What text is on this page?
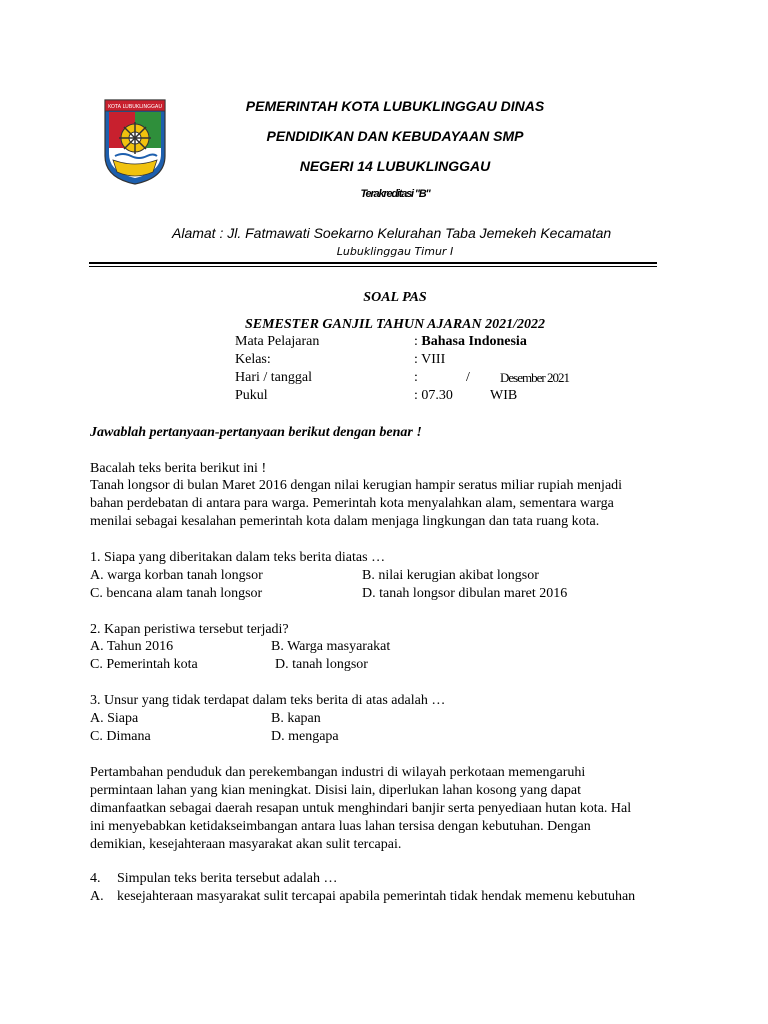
KOTA LUBUKLINGGAU	PEMERINTAH KOTA LUBUKLINGGAU DINAS
PENDIDIKAN DAN KEBUDAYAAN SMP
NEGERI 14 LUBUKLINGGAU
Terakreditasi "B"
Alamat : Jl. Fatmawati Soekarno Kelurahan Taba Jemekeh Kecamatan
Lubuklinggau Timur I
SOAL PAS
SEMESTER GANJIL TAHUN AJARAN 2021/2022
Mata Pelajaran	: Bahasa Indonesia
Kelas:	: VIII
Hari / tanggal	:	/ Desember 2021
Pukul	: 07.30	WIB
Jawablah pertanyaan-pertanyaan berikut dengan benar !
Bacalah teks berita berikut ini !
Tanah longsor di bulan Maret 2016 dengan nilai kerugian hampir seratus miliar rupiah menjadi
bahan perdebatan di antara para warga. Pemerintah kota menyalahkan alam, sementara warga
menilai sebagai kesalahan pemerintah kota dalam menjaga lingkungan dan tata ruang kota.
1. Siapa yang diberitakan dalam teks berita diatas …
A. warga korban tanah longsor	B. nilai kerugian akibat longsor
C. bencana alam tanah longsor	D. tanah longsor dibulan maret 2016
2. Kapan peristiwa tersebut terjadi?
A. Tahun 2016	B. Warga masyarakat
C. Pemerintah kota	D. tanah longsor
3. Unsur yang tidak terdapat dalam teks berita di atas adalah …
A. Siapa	B. kapan
C. Dimana	D. mengapa
Pertambahan penduduk dan perekembangan industri di wilayah perkotaan memengaruhi
permintaan lahan yang kian meningkat. Disisi lain, diperlukan lahan kosong yang dapat
dimanfaatkan sebagai daerah resapan untuk menghindari banjir serta penyediaan hutan kota. Hal
ini menyebabkan ketidakseimbangan antara luas lahan tersisa dengan kebutuhan. Dengan
demikian, kesejahteraan masyarakat akan sulit tercapai.
4.	Simpulan teks berita tersebut adalah …
A. kesejahteraan masyarakat sulit tercapai apabila pemerintah tidak hendak memenu kebutuhan
